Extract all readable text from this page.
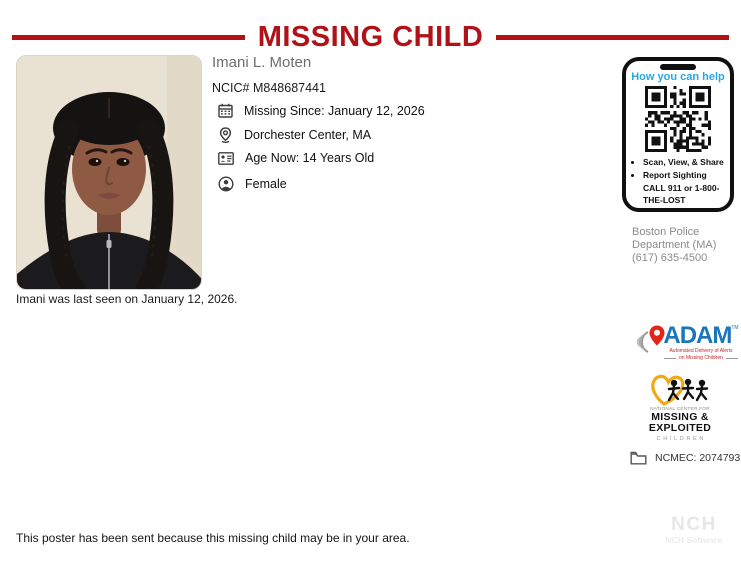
MISSING CHILD
Imani L. Moten
NCIC# M848687441
Missing Since: January 12, 2026
Dorchester Center, MA
Age Now: 14 Years Old
Female
Imani was last seen on January 12, 2026.
How you can help
• Scan, View, & Share
• Report Sighting CALL 911 or 1-800-THE-LOST
Boston Police
Department (MA)
(617) 635-4500
ADAM™
Automated Delivery of Alerts
on Missing Children
NATIONAL CENTER FOR
MISSING &
EXPLOITED
CHILDREN
NCMEC: 2074793
This poster has been sent because this missing child may be in your area.
NCH
NCH Software
